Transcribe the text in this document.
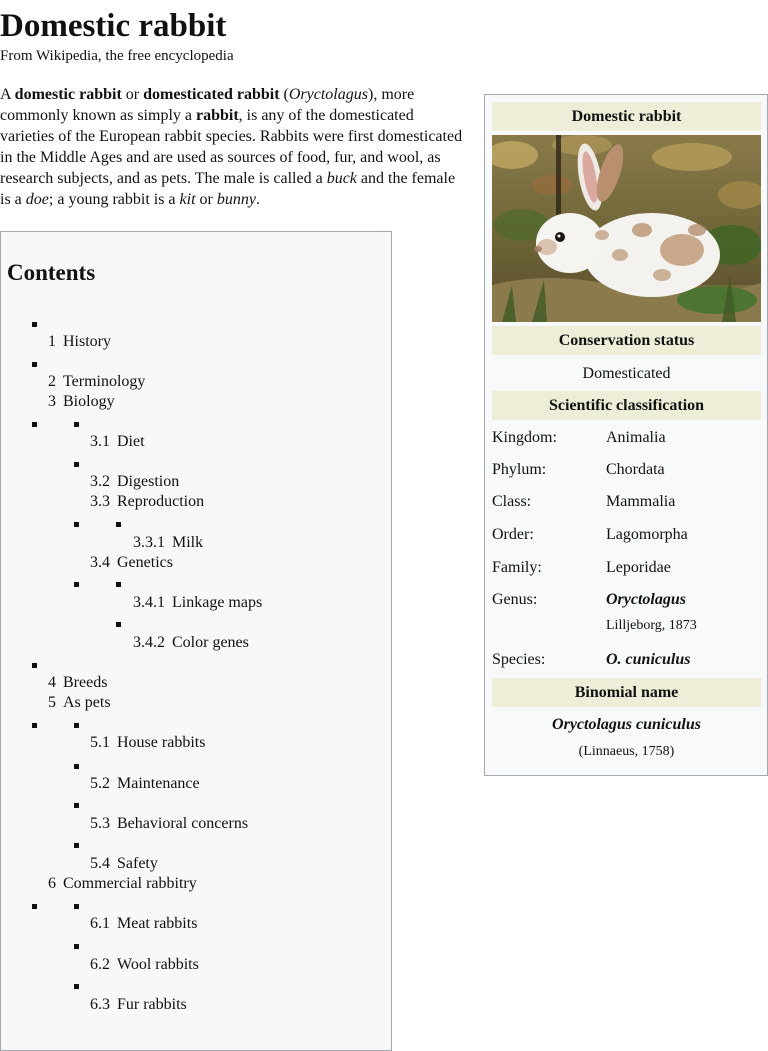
Domestic rabbit
From Wikipedia, the free encyclopedia

A domestic rabbit or domesticated rabbit (Oryctolagus), more commonly known as simply a rabbit, is any of the domesticated varieties of the European rabbit species. Rabbits were first domesticated in the Middle Ages and are used as sources of food, fur, and wool, as research subjects, and as pets. The male is called a buck and the female is a doe; a young rabbit is a kit or bunny.

Contents
1 History
2 Terminology
3 Biology
3.1 Diet
3.2 Digestion
3.3 Reproduction
3.3.1 Milk
3.4 Genetics
3.4.1 Linkage maps
3.4.2 Color genes
4 Breeds
5 As pets
5.1 House rabbits
5.2 Maintenance
5.3 Behavioral concerns
5.4 Safety
6 Commercial rabbitry
6.1 Meat rabbits
6.2 Wool rabbits
6.3 Fur rabbits
Domestic rabbit
Conservation status
Domesticated
Scientific classification
Kingdom:	Animalia
Phylum:	Chordata
Class:	Mammalia
Order:	Lagomorpha
Family:	Leporidae
Genus:	Oryctolagus
Lilljeborg, 1873
Species:	O. cuniculus
Binomial name
Oryctolagus cuniculus
(Linnaeus, 1758)
